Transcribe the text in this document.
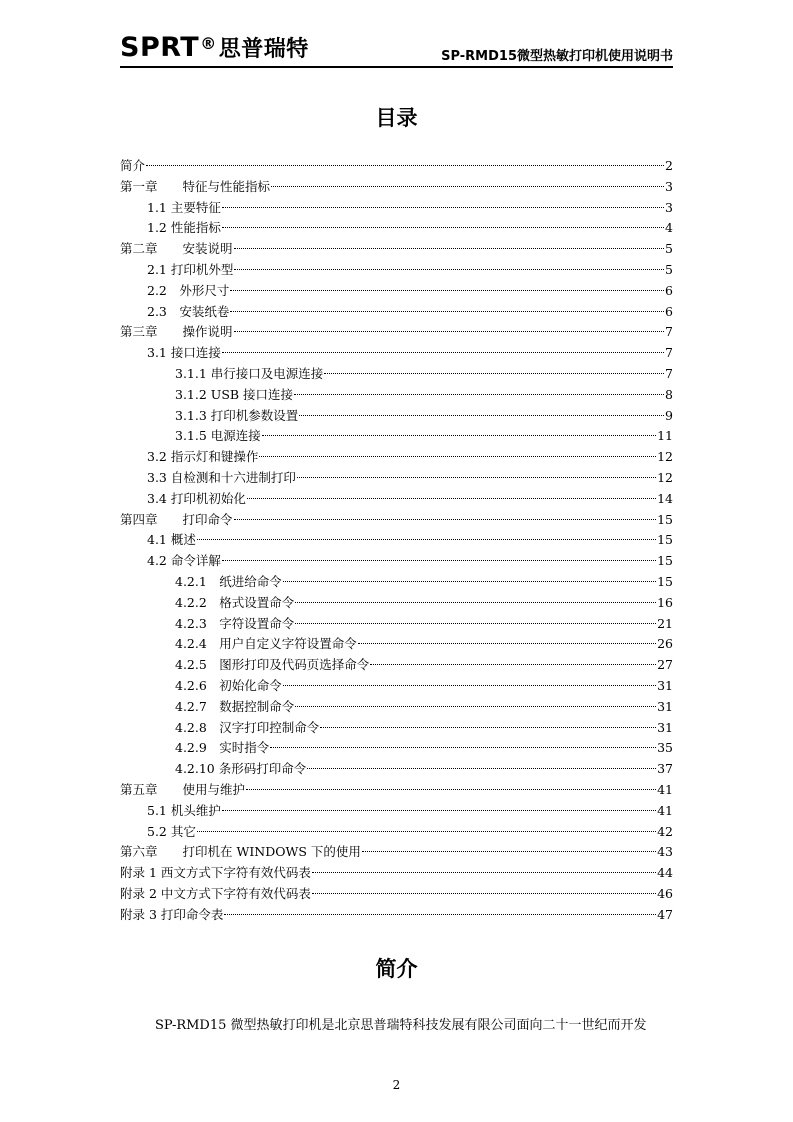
SPRT®思普瑞特	SP-RMD15微型热敏打印机使用说明书
目录
简介	2
第一章　　特征与性能指标	3
1.1 主要特征	3
1.2 性能指标	4
第二章　　安装说明	5
2.1 打印机外型	5
2.2　外形尺寸	6
2.3　安装纸卷	6
第三章　　操作说明	7
3.1 接口连接	7
3.1.1 串行接口及电源连接	7
3.1.2 USB 接口连接	8
3.1.3 打印机参数设置	9
3.1.5 电源连接	11
3.2 指示灯和键操作	12
3.3 自检测和十六进制打印	12
3.4 打印机初始化	14
第四章　　打印命令	15
4.1 概述	15
4.2 命令详解	15
4.2.1　纸进给命令	15
4.2.2　格式设置命令	16
4.2.3　字符设置命令	21
4.2.4　用户自定义字符设置命令	26
4.2.5　图形打印及代码页选择命令	27
4.2.6　初始化命令	31
4.2.7　数据控制命令	31
4.2.8　汉字打印控制命令	31
4.2.9　实时指令	35
4.2.10 条形码打印命令	37
第五章　　使用与维护	41
5.1 机头维护	41
5.2 其它	42
第六章　　打印机在 WINDOWS 下的使用	43
附录 1 西文方式下字符有效代码表	44
附录 2 中文方式下字符有效代码表	46
附录 3 打印命令表	47
简介
SP-RMD15 微型热敏打印机是北京思普瑞特科技发展有限公司面向二十一世纪而开发
2
